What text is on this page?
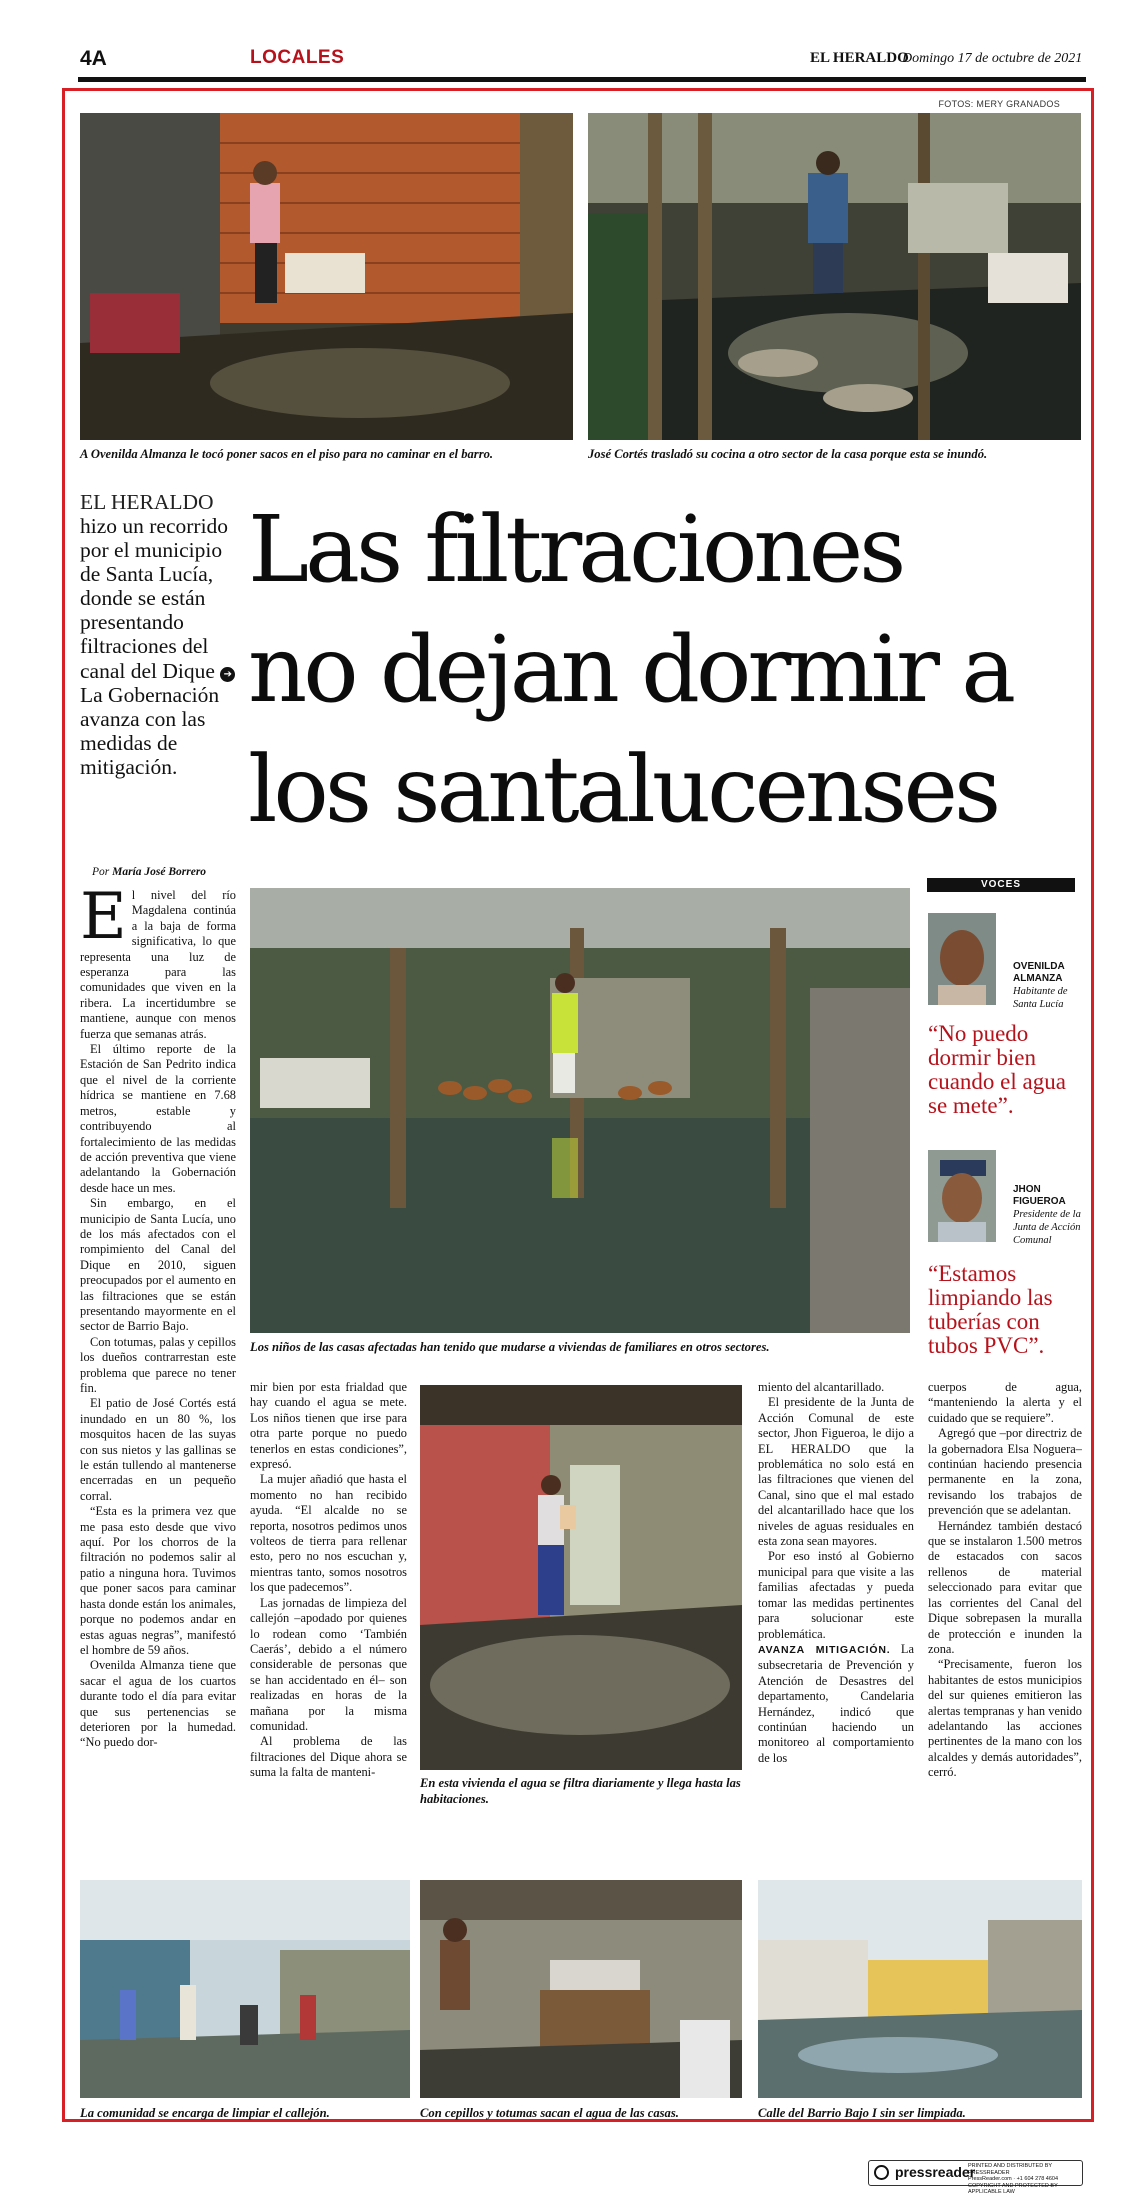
4A	LOCALES	EL HERALDO
Domingo 17 de octubre de 2021
FOTOS: MERY GRANADOS
A Ovenilda Almanza le tocó poner sacos en el piso para no caminar en el barro.	José Cortés trasladó su cocina a otro sector de la casa porque esta se inundó.
EL HERALDO hizo un recorrido por el municipio de Santa Lucía, donde se están presentando filtraciones del canal del Dique ➔ La Gobernación avanza con las medidas de mitigación.
Las filtraciones
no dejan dormir a
los santalucenses
Por María José Borrero

El nivel del río Magdalena continúa a la baja de forma significativa, lo que representa una luz de esperanza para las comunidades que viven en la ribera. La incertidumbre se mantiene, aunque con menos fuerza que semanas atrás.

El último reporte de la Estación de San Pedrito indica que el nivel de la corriente hídrica se mantiene en 7.68 metros, estable y contribuyendo al fortalecimiento de las medidas de acción preventiva que viene adelantando la Gobernación desde hace un mes.

Sin embargo, en el municipio de Santa Lucía, uno de los más afectados con el rompimiento del Canal del Dique en 2010, siguen preocupados por el aumento en las filtraciones que se están presentando mayormente en el sector de Barrio Bajo.

Con totumas, palas y cepillos los dueños contrarrestan este problema que parece no tener fin.

El patio de José Cortés está inundado en un 80 %, los mosquitos hacen de las suyas con sus nietos y las gallinas se le están tullendo al mantenerse encerradas en un pequeño corral.

“Esta es la primera vez que me pasa esto desde que vivo aquí. Por los chorros de la filtración no podemos salir al patio a ninguna hora. Tuvimos que poner sacos para caminar hasta donde están los animales, porque no podemos andar en estas aguas negras”, manifestó el hombre de 59 años.

Ovenilda Almanza tiene que sacar el agua de los cuartos durante todo el día para evitar que sus pertenencias se deterioren por la humedad. “No puedo dor-

Los niños de las casas afectadas han tenido que mudarse a viviendas de familiares en otros sectores.
VOCES
OVENILDA
ALMANZA
Habitante de
Santa Lucía
“No puedo dormir bien cuando el agua se mete”.
JHON
FIGUEROA
Presidente de la Junta de Acción Comunal
“Estamos limpiando las tuberías con tubos PVC”.

mir bien por esta frialdad que hay cuando el agua se mete. Los niños tienen que irse para otra parte porque no puedo tenerlos en estas condiciones”, expresó.

La mujer añadió que hasta el momento no han recibido ayuda. “El alcalde no se reporta, nosotros pedimos unos volteos de tierra para rellenar esto, pero no nos escuchan y, mientras tanto, somos nosotros los que padecemos”.

Las jornadas de limpieza del callejón –apodado por quienes lo rodean como ‘También Caerás’, debido a el número considerable de personas que se han accidentado en él– son realizadas en horas de la mañana por la misma comunidad.

Al problema de las filtraciones del Dique ahora se suma la falta de manteni-

En esta vivienda el agua se filtra diariamente y llega hasta las habitaciones.

miento del alcantarillado.

El presidente de la Junta de Acción Comunal de este sector, Jhon Figueroa, le dijo a EL HERALDO que la problemática no solo está en las filtraciones que vienen del Canal, sino que el mal estado del alcantarillado hace que los niveles de aguas residuales en esta zona sean mayores.

Por eso instó al Gobierno municipal para que visite a las familias afectadas y pueda tomar las medidas pertinentes para solucionar este problemática.

AVANZA MITIGACIÓN. La subsecretaria de Prevención y Atención de Desastres del departamento, Candelaria Hernández, indicó que continúan haciendo un monitoreo al comportamiento de los

cuerpos de agua, “manteniendo la alerta y el cuidado que se requiere”.

Agregó que –por directriz de la gobernadora Elsa Noguera– continúan haciendo presencia permanente en la zona, revisando los trabajos de prevención que se adelantan.

Hernández también destacó que se instalaron 1.500 metros de estacados con sacos rellenos de material seleccionado para evitar que las corrientes del Canal del Dique sobrepasen la muralla de protección e inunden la zona.

“Precisamente, fueron los habitantes de estos municipios del sur quienes emitieron las alertas tempranas y han venido adelantando las acciones pertinentes de la mano con los alcaldes y demás autoridades”, cerró.

La comunidad se encarga de limpiar el callejón.	Con cepillos y totumas sacan el agua de las casas.	Calle del Barrio Bajo I sin ser limpiada.
pressreader
PRINTED AND DISTRIBUTED BY PRESSREADER
PressReader.com · +1 604 278 4604
COPYRIGHT AND PROTECTED BY APPLICABLE LAW
